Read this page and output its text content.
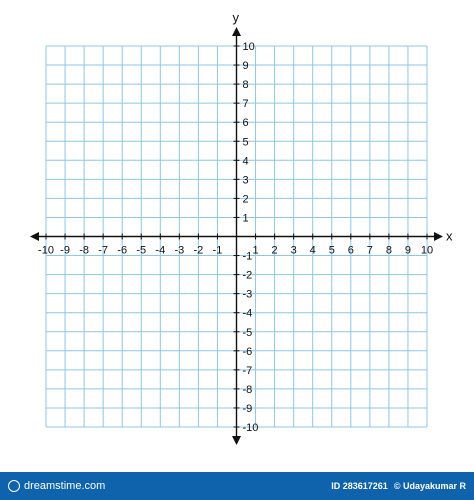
-10 -9 -8 -7 -6 -5 -4 -3 -2 -1	1 2 3 4 5 6 7 8 9 10
10
9
8
7
6
5
4
3
2
1
-1
-2
-3
-4
-5
-6
-7
-8
-9
-10
x
y
dreamstime.com	ID 283617261 © Udayakumar R
